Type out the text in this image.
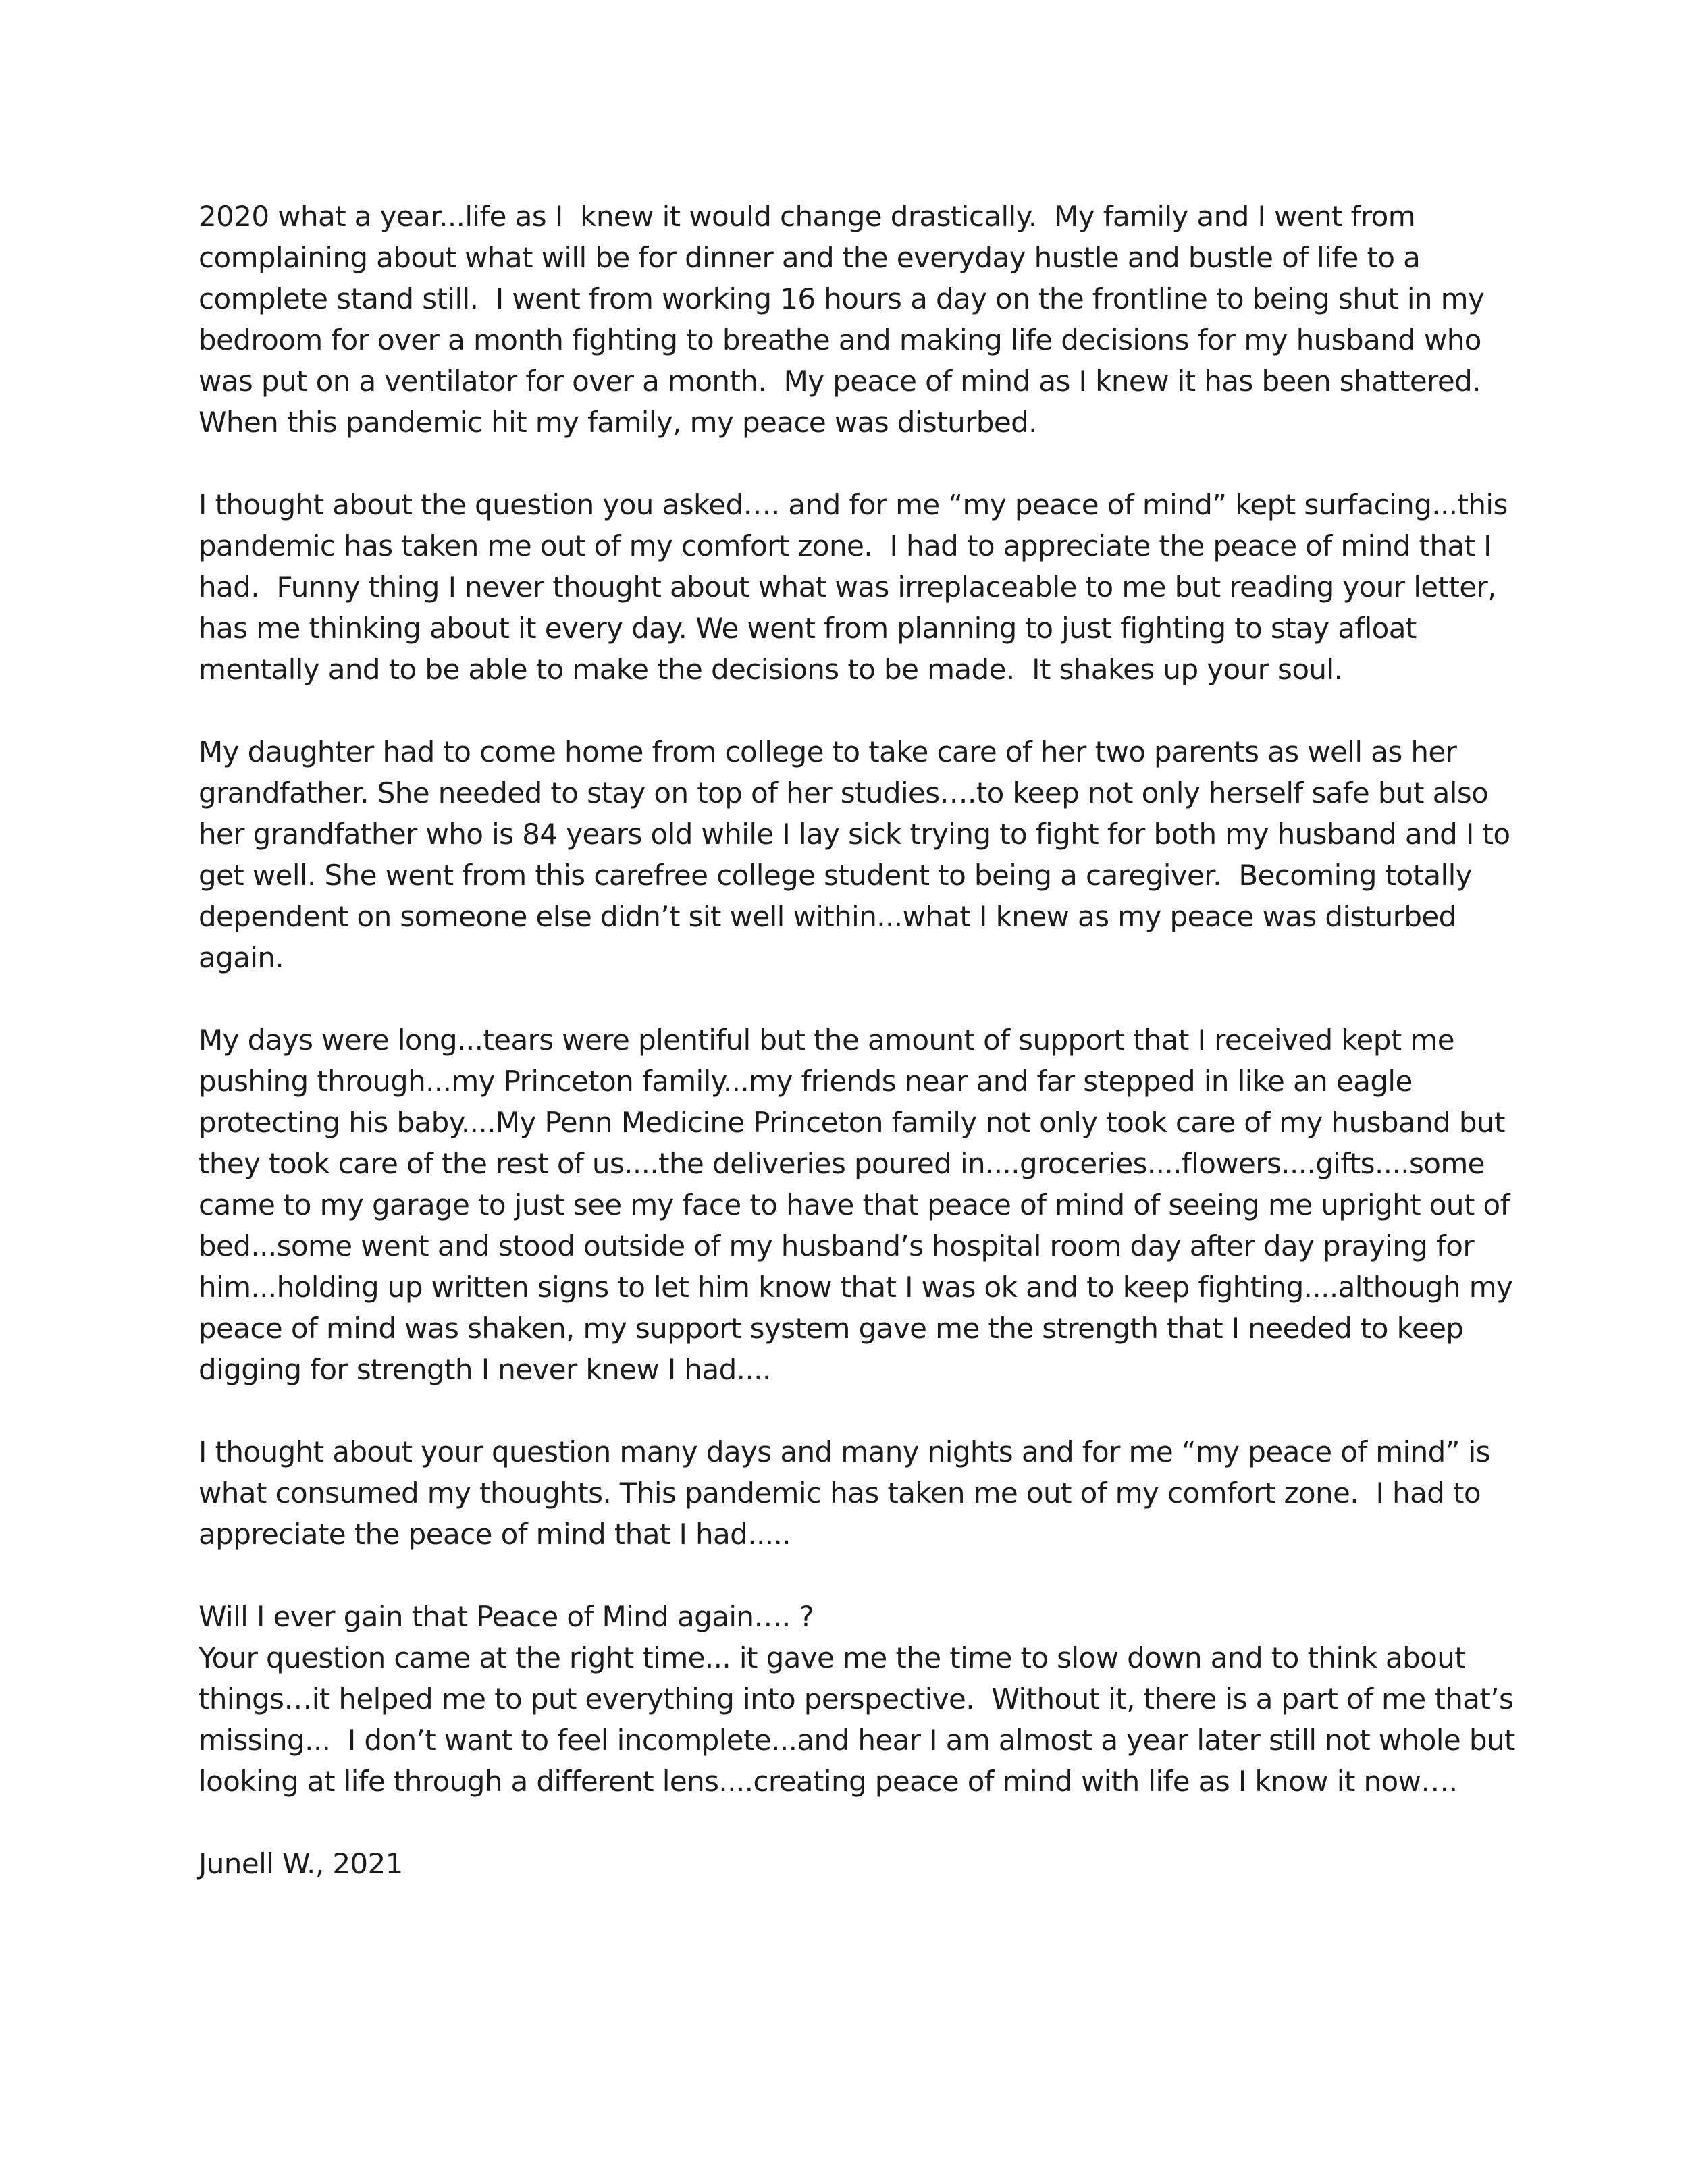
2020 what a year...life as I  knew it would change drastically.  My family and I went from
complaining about what will be for dinner and the everyday hustle and bustle of life to a
complete stand still.  I went from working 16 hours a day on the frontline to being shut in my
bedroom for over a month fighting to breathe and making life decisions for my husband who
was put on a ventilator for over a month.  My peace of mind as I knew it has been shattered.
When this pandemic hit my family, my peace was disturbed.
I thought about the question you asked…. and for me “my peace of mind” kept surfacing...this
pandemic has taken me out of my comfort zone.  I had to appreciate the peace of mind that I
had.  Funny thing I never thought about what was irreplaceable to me but reading your letter,
has me thinking about it every day. We went from planning to just fighting to stay afloat
mentally and to be able to make the decisions to be made.  It shakes up your soul.
My daughter had to come home from college to take care of her two parents as well as her
grandfather. She needed to stay on top of her studies….to keep not only herself safe but also
her grandfather who is 84 years old while I lay sick trying to fight for both my husband and I to
get well. She went from this carefree college student to being a caregiver.  Becoming totally
dependent on someone else didn’t sit well within...what I knew as my peace was disturbed
again.
My days were long...tears were plentiful but the amount of support that I received kept me
pushing through...my Princeton family...my friends near and far stepped in like an eagle
protecting his baby....My Penn Medicine Princeton family not only took care of my husband but
they took care of the rest of us....the deliveries poured in....groceries....flowers....gifts....some
came to my garage to just see my face to have that peace of mind of seeing me upright out of
bed...some went and stood outside of my husband’s hospital room day after day praying for
him...holding up written signs to let him know that I was ok and to keep fighting....although my
peace of mind was shaken, my support system gave me the strength that I needed to keep
digging for strength I never knew I had....
I thought about your question many days and many nights and for me “my peace of mind” is
what consumed my thoughts. This pandemic has taken me out of my comfort zone.  I had to
appreciate the peace of mind that I had.....
Will I ever gain that Peace of Mind again…. ?
Your question came at the right time... it gave me the time to slow down and to think about
things…it helped me to put everything into perspective.  Without it, there is a part of me that’s
missing...  I don’t want to feel incomplete...and hear I am almost a year later still not whole but
looking at life through a different lens....creating peace of mind with life as I know it now….
Junell W., 2021
